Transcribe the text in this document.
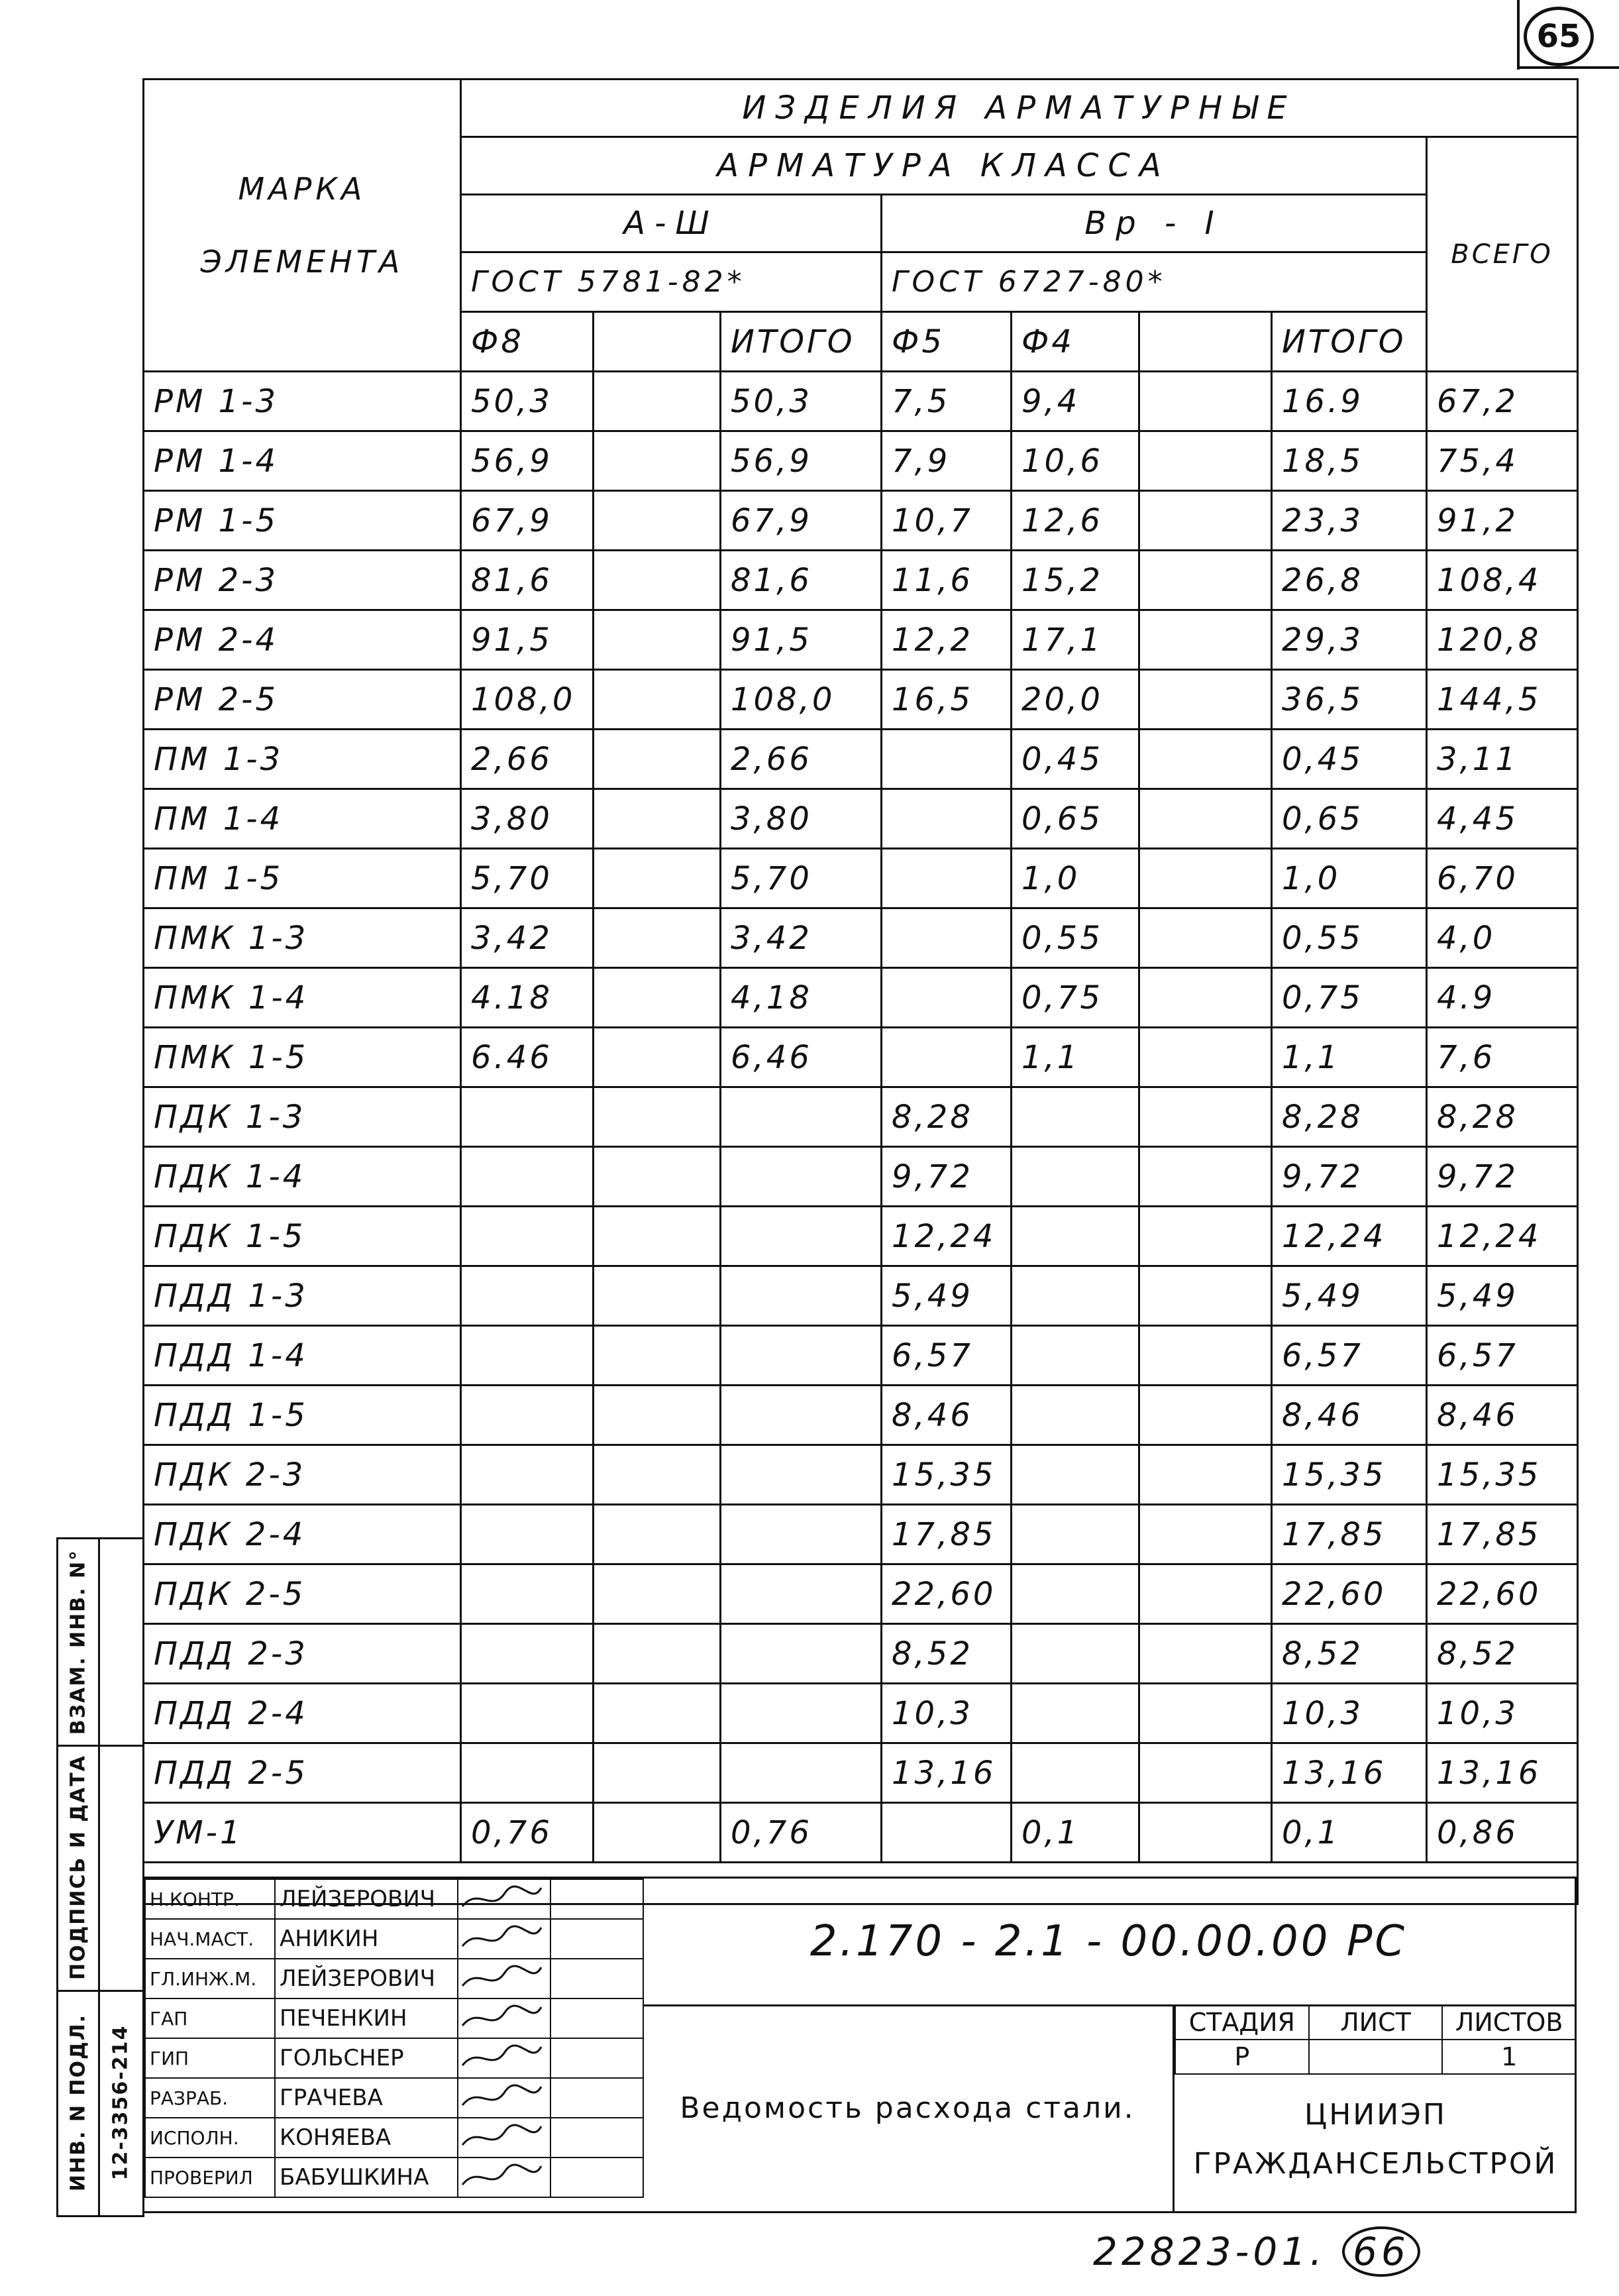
65
МАРКА ЭЛЕМЕНТА	ИЗДЕЛИЯ АРМАТУРНЫЕ							
	АРМАТУРА КЛАССА							ВСЕГО
	А-Ш			Вр - I				
	ГОСТ 5781-82*			ГОСТ 6727-80*				
	Ф8		ИТОГО	Ф5	Ф4		ИТОГО	
РМ 1-3	50,3		50,3	7,5	9,4		16.9	67,2
РМ 1-4	56,9		56,9	7,9	10,6		18,5	75,4
РМ 1-5	67,9		67,9	10,7	12,6		23,3	91,2
РМ 2-3	81,6		81,6	11,6	15,2		26,8	108,4
РМ 2-4	91,5		91,5	12,2	17,1		29,3	120,8
РМ 2-5	108,0		108,0	16,5	20,0		36,5	144,5
ПМ 1-3	2,66		2,66		0,45		0,45	3,11
ПМ 1-4	3,80		3,80		0,65		0,65	4,45
ПМ 1-5	5,70		5,70		1,0		1,0	6,70
ПМК 1-3	3,42		3,42		0,55		0,55	4,0
ПМК 1-4	4.18		4,18		0,75		0,75	4.9
ПМК 1-5	6.46		6,46		1,1		1,1	7,6
ПДК 1-3				8,28			8,28	8,28
ПДК 1-4				9,72			9,72	9,72
ПДК 1-5				12,24			12,24	12,24
ПДД 1-3				5,49			5,49	5,49
ПДД 1-4				6,57			6,57	6,57
ПДД 1-5				8,46			8,46	8,46
ПДК 2-3				15,35			15,35	15,35
ПДК 2-4				17,85			17,85	17,85
ПДК 2-5				22,60			22,60	22,60
ПДД 2-3				8,52			8,52	8,52
ПДД 2-4				10,3			10,3	10,3
ПДД 2-5				13,16			13,16	13,16
УМ-1	0,76		0,76		0,1		0,1	0,86

ВЗАМ. ИНВ. N°
ПОДПИСЬ И ДАТА
ИНВ. N ПОДЛ. 12-3356-214
Н.КОНТР.	ЛЕЙЗЕРОВИЧ	

НАЧ.МАСТ.	АНИКИН	

ГЛ.ИНЖ.М.	ЛЕЙЗЕРОВИЧ	

ГАП	ПЕЧЕНКИН	

ГИП	ГОЛЬСНЕР	

РАЗРАБ.	ГРАЧЕВА	

ИСПОЛН.	КОНЯЕВА	

ПРОВЕРИЛ	БАБУШКИНА	

2.170 - 2.1 - 00.00.00 РС
Ведомость расхода стали.
СТАДИЯ	ЛИСТ	ЛИСТОВ
Р		1
ЦНИИЭП
ГРАЖДАНСЕЛЬСТРОЙ
22823-01. 66
